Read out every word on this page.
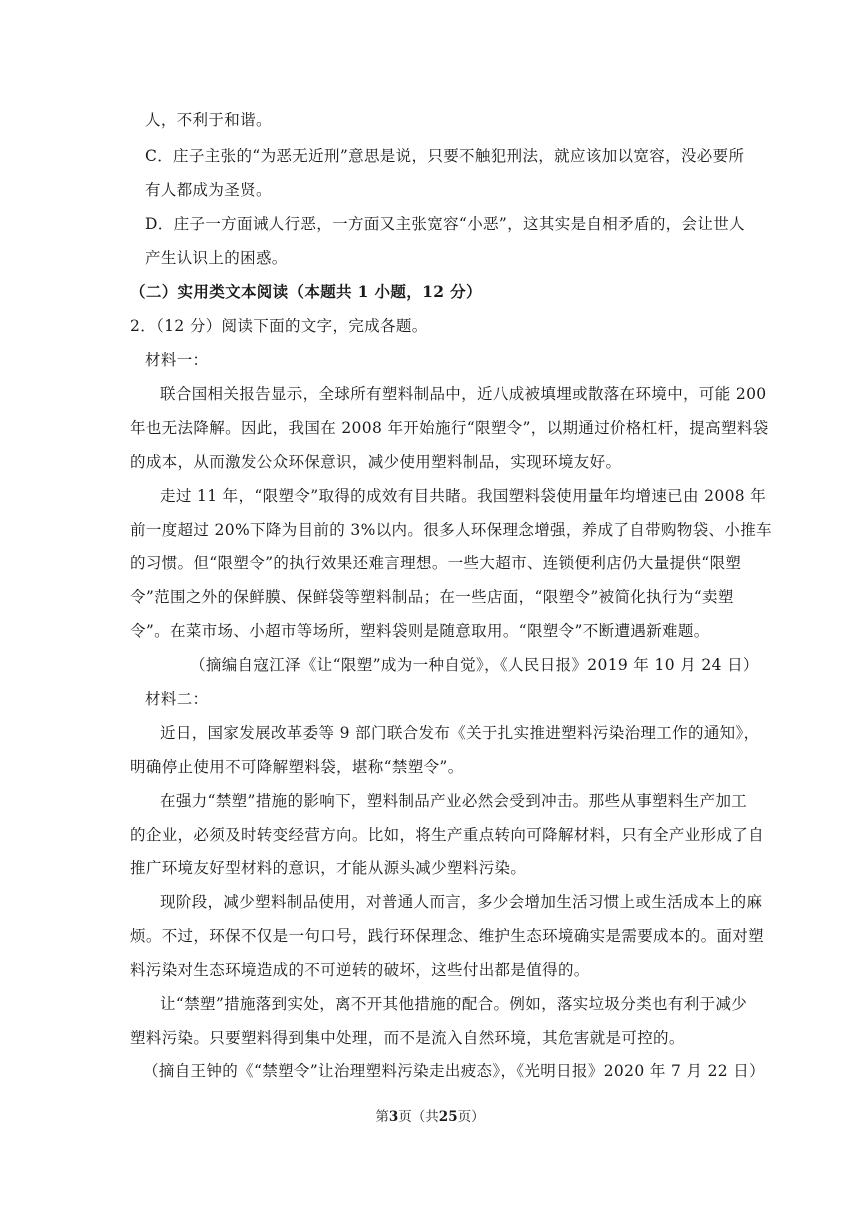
人，不利于和谐。
C．庄子主张的“为恶无近刑”意思是说，只要不触犯刑法，就应该加以宽容，没必要所
有人都成为圣贤。
D．庄子一方面诫人行恶，一方面又主张宽容“小恶”，这其实是自相矛盾的，会让世人
产生认识上的困惑。
（二）实用类文本阅读（本题共 1 小题，12 分）
2．（12 分）阅读下面的文字，完成各题。
材料一：
联合国相关报告显示，全球所有塑料制品中，近八成被填埋或散落在环境中，可能 200
年也无法降解。因此，我国在 2008 年开始施行“限塑令”，以期通过价格杠杆，提高塑料袋
的成本，从而激发公众环保意识，减少使用塑料制品，实现环境友好。
走过 11 年，“限塑令”取得的成效有目共睹。我国塑料袋使用量年均增速已由 2008 年
前一度超过 20%下降为目前的 3%以内。很多人环保理念增强，养成了自带购物袋、小推车
的习惯。但“限塑令”的执行效果还难言理想。一些大超市、连锁便利店仍大量提供“限塑
令”范围之外的保鲜膜、保鲜袋等塑料制品；在一些店面，“限塑令”被简化执行为“卖塑
令”。在菜市场、小超市等场所，塑料袋则是随意取用。“限塑令”不断遭遇新难题。
（摘编自寇江泽《让“限塑”成为一种自觉》，《人民日报》2019 年 10 月 24 日）
材料二：
近日，国家发展改革委等 9 部门联合发布《关于扎实推进塑料污染治理工作的通知》，
明确停止使用不可降解塑料袋，堪称“禁塑令”。
在强力“禁塑”措施的影响下，塑料制品产业必然会受到冲击。那些从事塑料生产加工
的企业，必须及时转变经营方向。比如，将生产重点转向可降解材料，只有全产业形成了自
推广环境友好型材料的意识，才能从源头减少塑料污染。
现阶段，减少塑料制品使用，对普通人而言，多少会增加生活习惯上或生活成本上的麻
烦。不过，环保不仅是一句口号，践行环保理念、维护生态环境确实是需要成本的。面对塑
料污染对生态环境造成的不可逆转的破坏，这些付出都是值得的。
让“禁塑”措施落到实处，离不开其他措施的配合。例如，落实垃圾分类也有利于减少
塑料污染。只要塑料得到集中处理，而不是流入自然环境，其危害就是可控的。
（摘自王钟的《“禁塑令”让治理塑料污染走出疲态》，《光明日报》2020 年 7 月 22 日）
第3页（共25页）
